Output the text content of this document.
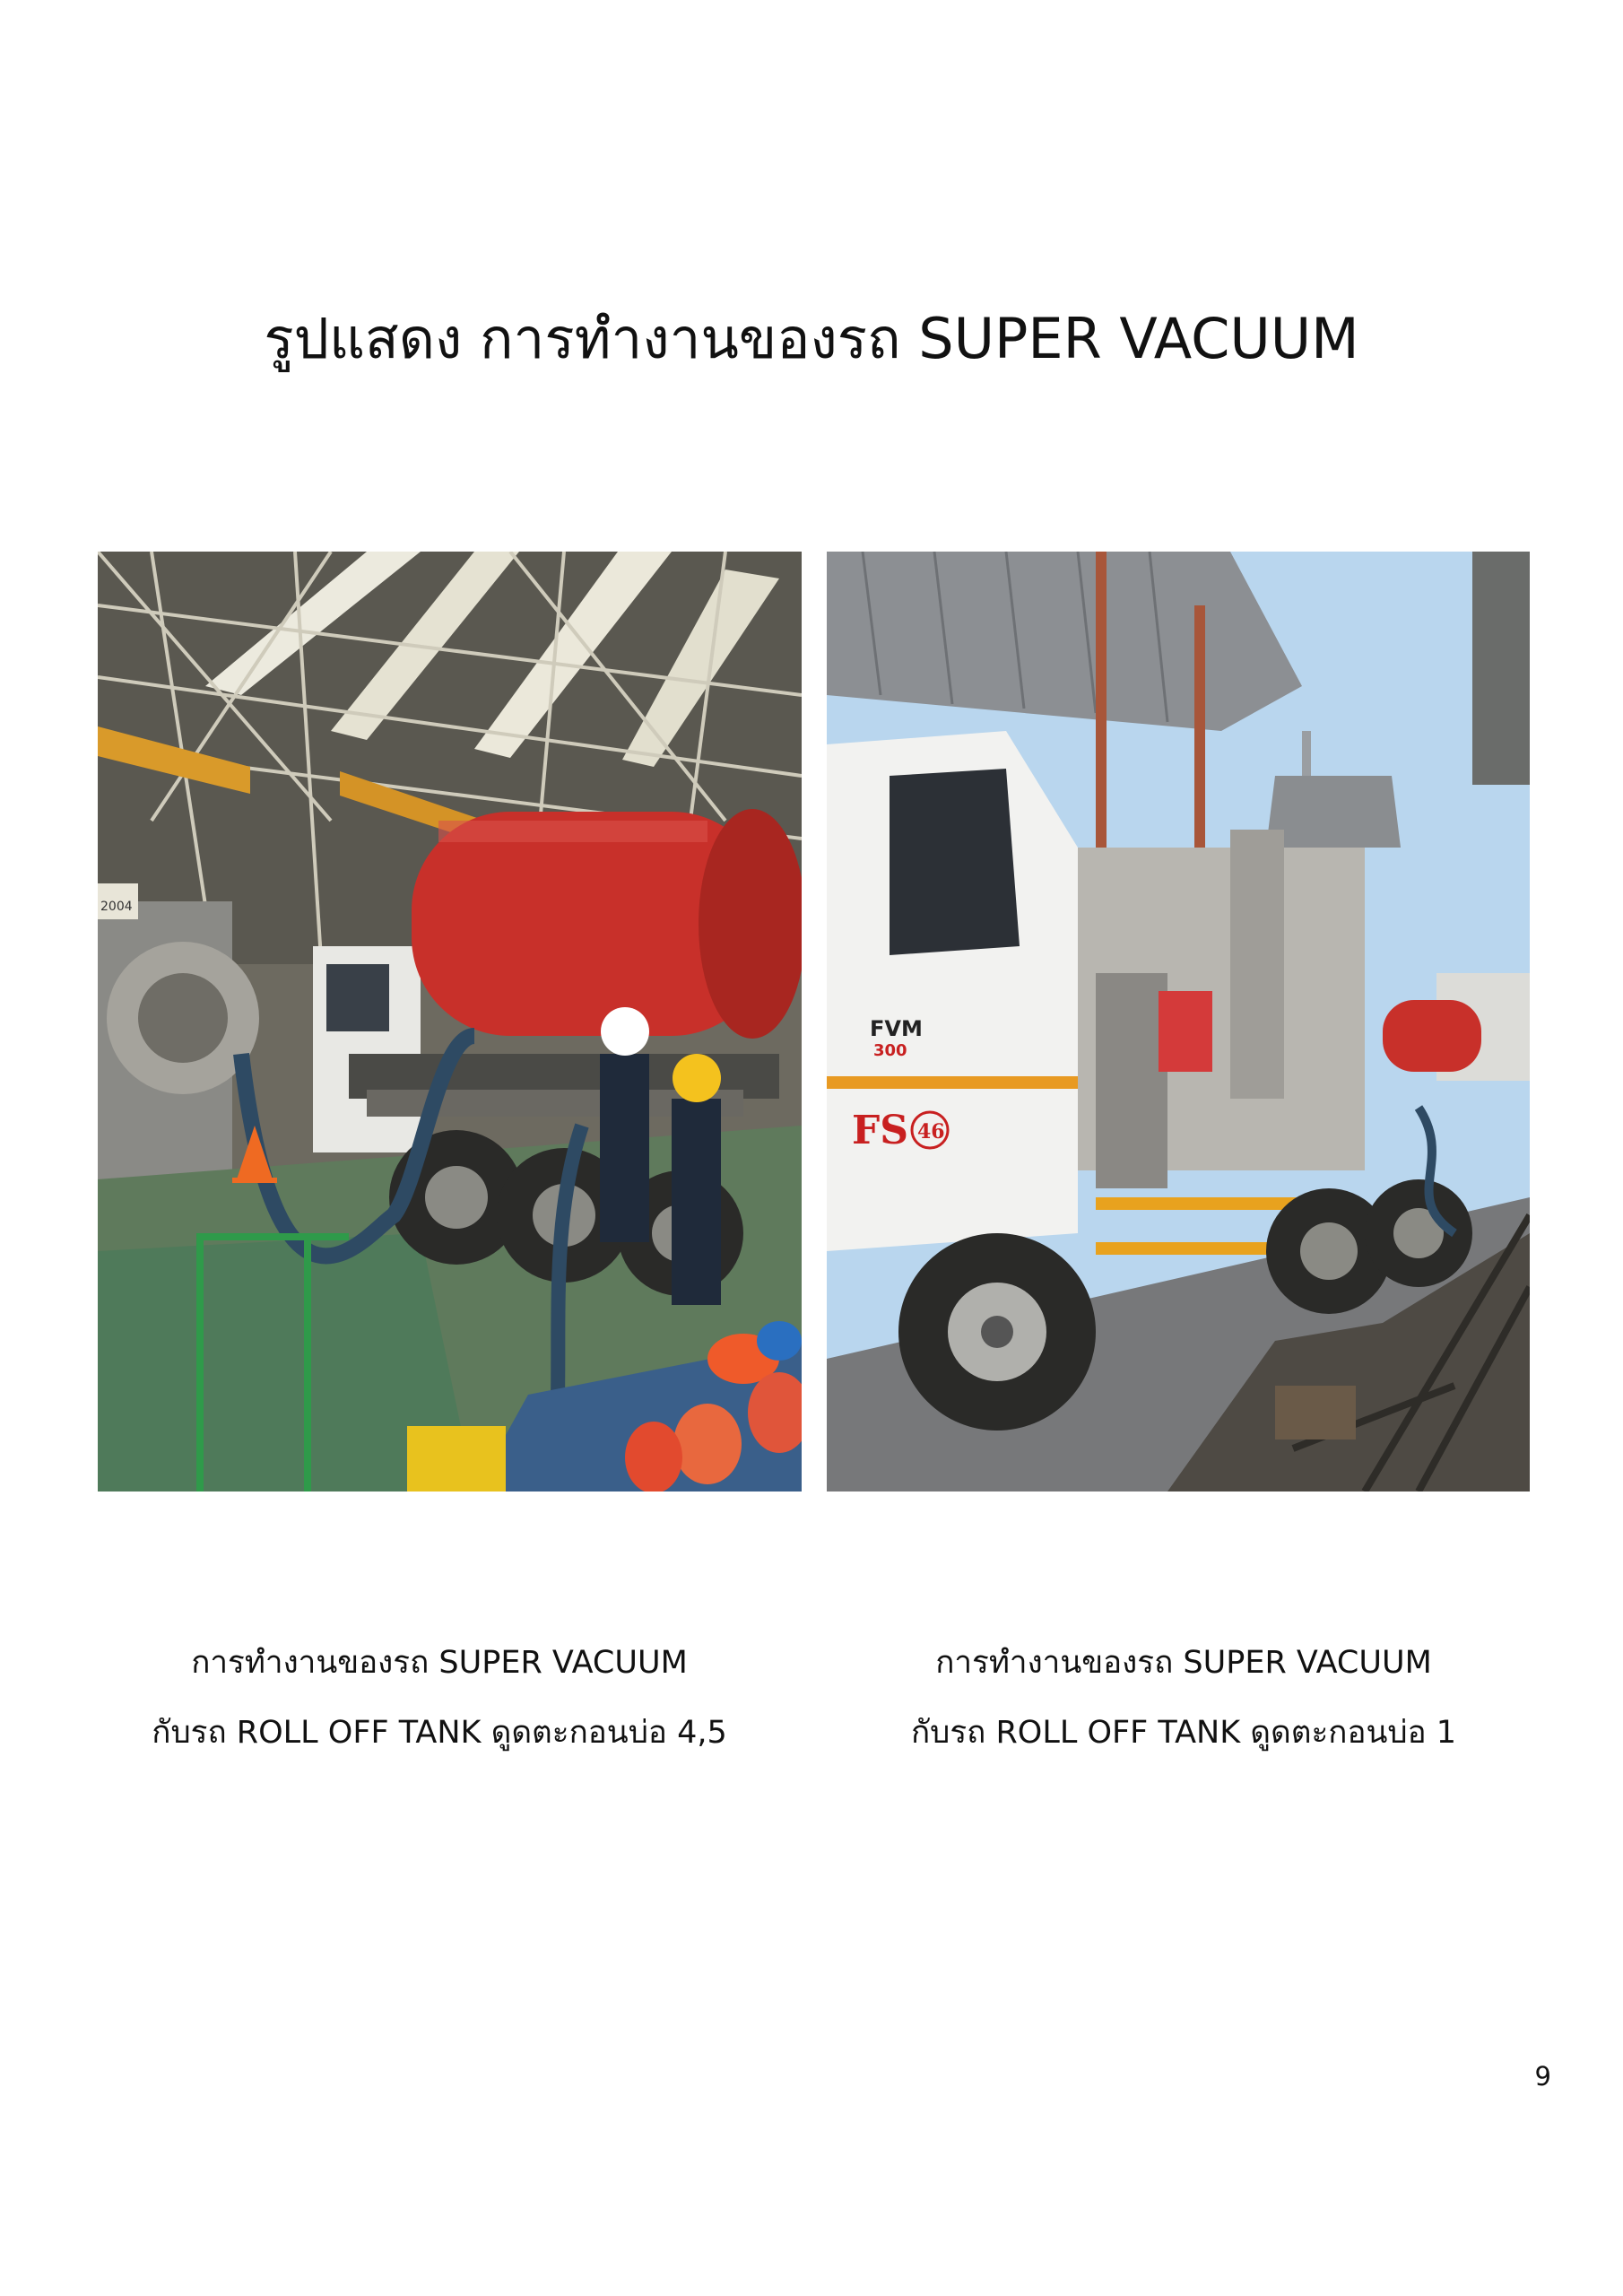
รูปแสดง การทำงานของรถ SUPER VACUUM
2004
FVM
300
FS 46
การทำงานของรถ SUPER VACUUM
กับรถ ROLL OFF TANK ดูดตะกอนบ่อ 4,5
การทำงานของรถ SUPER VACUUM
กับรถ ROLL OFF TANK ดูดตะกอนบ่อ 1
9
